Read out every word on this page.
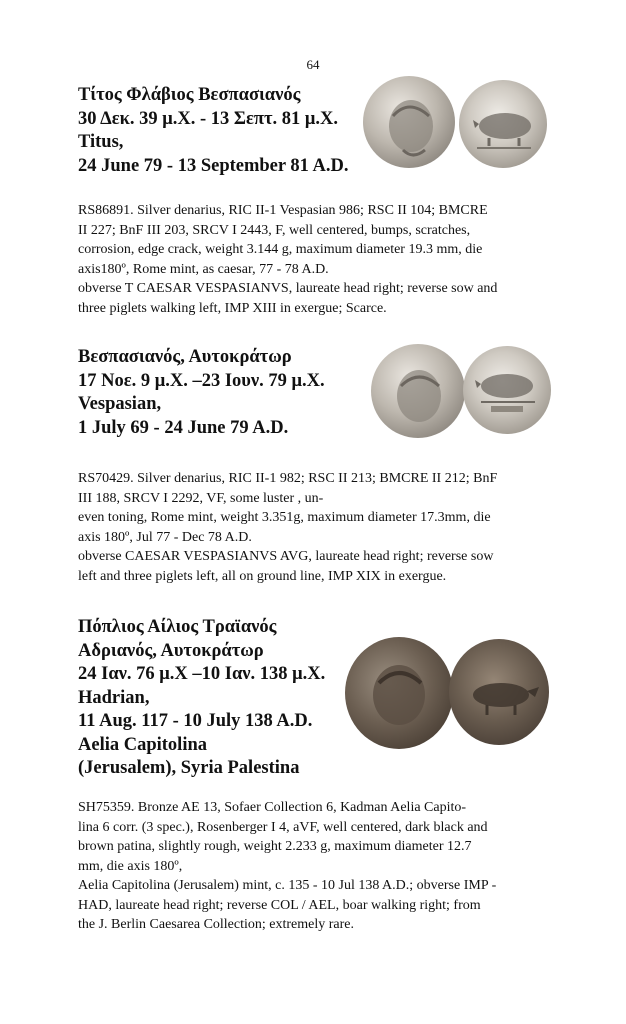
64
Τίτος Φλάβιος Βεσπασιανός
30 Δεκ. 39 μ.Χ. - 13 Σεπτ. 81 μ.Χ.
Titus,
24 June 79 - 13 September 81 A.D.
RS86891. Silver denarius, RIC II-1 Vespasian 986; RSC II 104; BMCRE
II 227; BnF III 203, SRCV I 2443, F, well centered, bumps, scratches,
corrosion, edge crack, weight 3.144 g, maximum diameter 19.3 mm, die
axis180º, Rome mint, as caesar, 77 - 78 A.D.
obverse T CAESAR VESPASIANVS, laureate head right; reverse sow and
three piglets walking left, IMP XIII in exergue; Scarce.
Βεσπασιανός, Αυτοκράτωρ
17 Νοε. 9 μ.Χ. –23 Ιουν. 79 μ.Χ.
Vespasian,
1 July 69 - 24 June 79 A.D.
RS70429. Silver denarius, RIC II-1 982; RSC II 213; BMCRE II 212; BnF
III 188, SRCV I 2292, VF, some luster , un-
even toning, Rome mint, weight 3.351g, maximum diameter 17.3mm, die
axis 180º, Jul 77 - Dec 78 A.D.
obverse CAESAR VESPASIANVS AVG, laureate head right; reverse sow
left and three piglets left, all on ground line, IMP XIX in exergue.
Πόπλιος Αίλιος Τραϊανός
Αδριανός, Αυτοκράτωρ
24 Ιαν. 76 μ.Χ –10 Ιαν. 138 μ.Χ.
Hadrian,
11 Aug. 117 - 10 July 138 A.D.
Aelia Capitolina
(Jerusalem), Syria Palestina
SH75359. Bronze AE 13, Sofaer Collection 6, Kadman Aelia Capito-
lina 6 corr. (3 spec.), Rosenberger I 4, aVF, well centered, dark black and
brown patina, slightly rough, weight 2.233 g, maximum diameter 12.7
mm, die axis 180º,
Aelia Capitolina (Jerusalem) mint, c. 135 - 10 Jul 138 A.D.; obverse IMP -
HAD, laureate head right; reverse COL / AEL, boar walking right; from
the J. Berlin Caesarea Collection; extremely rare.
